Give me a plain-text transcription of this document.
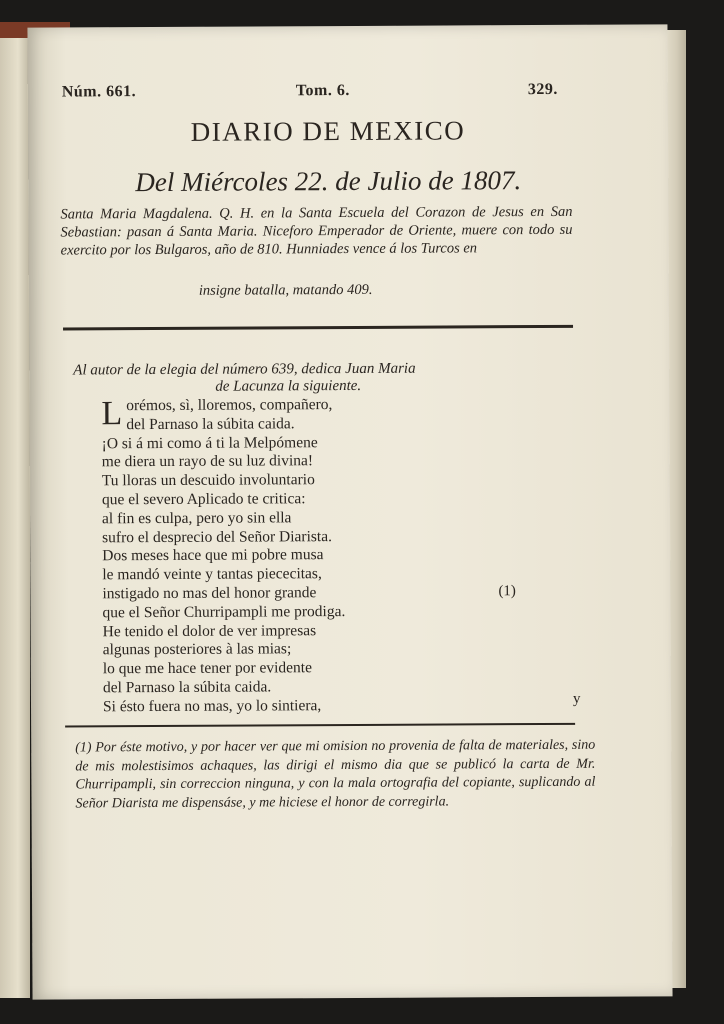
Núm. 661.	Tom. 6.	329.
DIARIO DE MEXICO
Del Miércoles 22. de Julio de 1807.
Santa Maria Magdalena. Q. H. en la Santa Escuela del Corazon de Jesus en San Sebastian: pasan á Santa Maria. Niceforo Emperador de Oriente, muere con todo su exercito por los Bulgaros, año de 810. Hunniades vence á los Turcos en
insigne batalla, matando 409.
Al autor de la elegia del número 639, dedica Juan Maria
de Lacunza la siguiente.
Lorémos, sì, lloremos, compañero,
del Parnaso la súbita caida.
¡O si á mi como á ti la Melpómene
me diera un rayo de su luz divina!
Tu lloras un descuido involuntario
que el severo Aplicado te critica:
al fin es culpa, pero yo sin ella
sufro el desprecio del Señor Diarista.
Dos meses hace que mi pobre musa
le mandó veinte y tantas piececitas,
instigado no mas del honor grande
que el Señor Churripampli me prodiga.
He tenido el dolor de ver impresas
algunas posteriores à las mias;
lo que me hace tener por evidente
del Parnaso la súbita caida.
Si ésto fuera no mas, yo lo sintiera,
(1)
y
(1) Por éste motivo, y por hacer ver que mi omision no provenia de falta de materiales, sino de mis molestisimos achaques, las dirigi el mismo dia que se publicó la carta de Mr. Churripampli, sin correccion ninguna, y con la mala ortografia del copiante, suplicando al Señor Diarista me dispensáse, y me hiciese el honor de corregirla.
